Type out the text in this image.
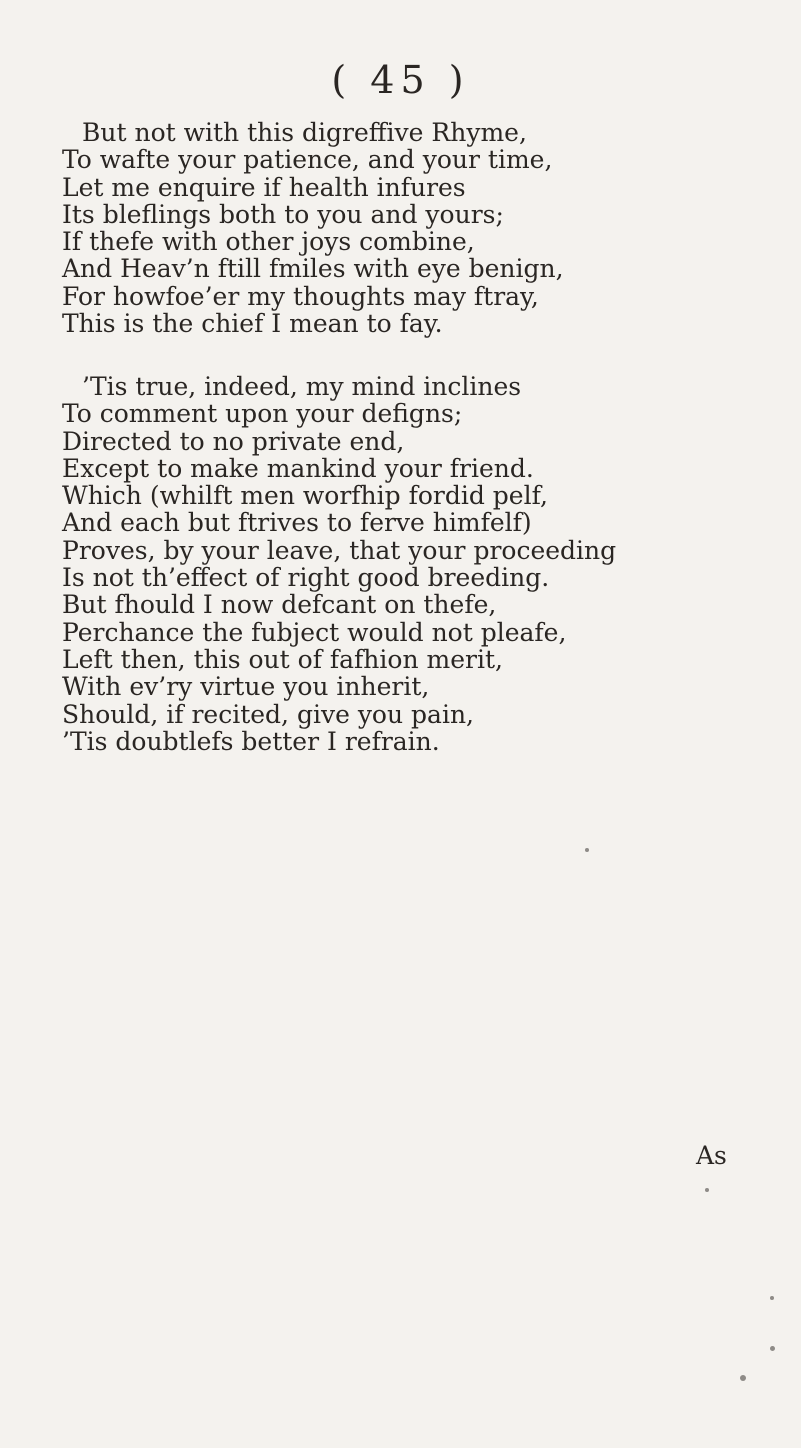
( 45 )
But not with this digreffive Rhyme,
To wafte your patience, and your time,
Let me enquire if health infures
Its bleflings both to you and yours;
If thefe with other joys combine,
And Heav’n ftill fmiles with eye benign,
For howfoe’er my thoughts may ftray,
This is the chief I mean to fay.
’Tis true, indeed, my mind inclines
To comment upon your defigns;
Directed to no private end,
Except to make mankind your friend.
Which (whilft men worfhip fordid pelf,
And each but ftrives to ferve himfelf)
Proves, by your leave, that your proceeding
Is not th’effect of right good breeding.
But fhould I now defcant on thefe,
Perchance the fubject would not pleafe,
Left then, this out of fafhion merit,
With ev’ry virtue you inherit,
Should, if recited, give you pain,
’Tis doubtlefs better I refrain.
As
